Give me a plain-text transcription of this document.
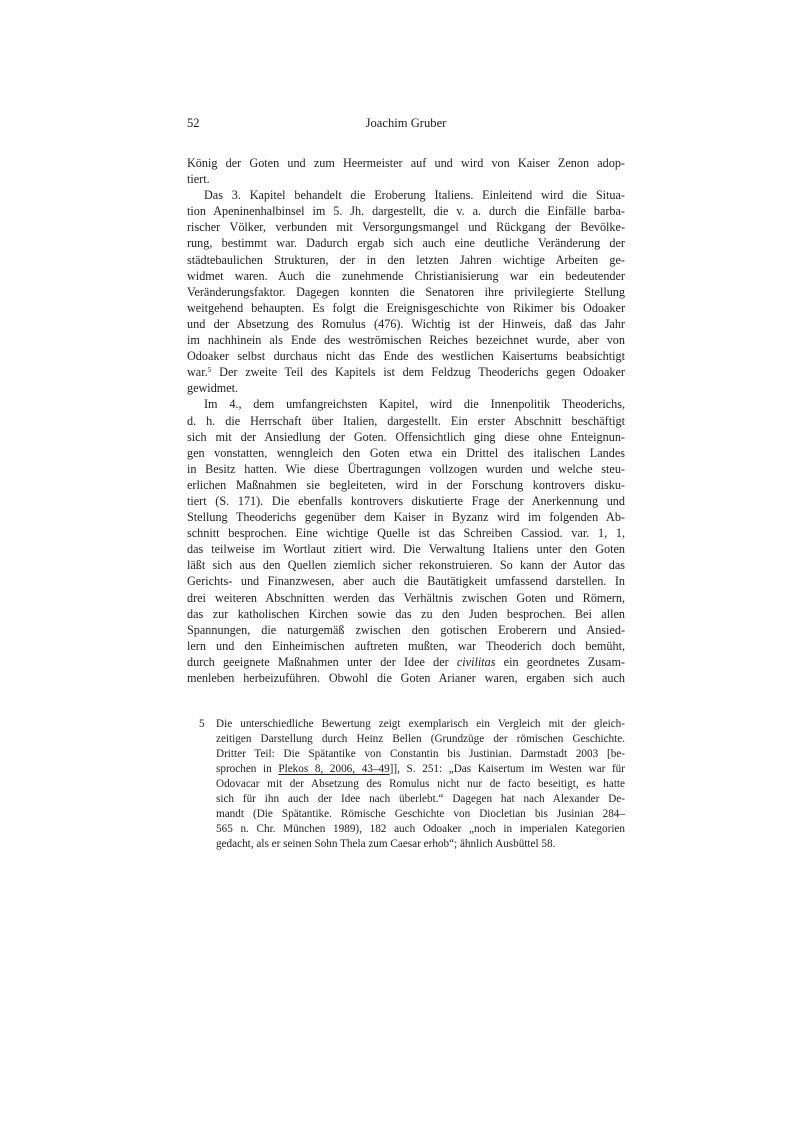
52	Joachim Gruber
König der Goten und zum Heermeister auf und wird von Kaiser Zenon adop-
tiert.
Das 3. Kapitel behandelt die Eroberung Italiens. Einleitend wird die Situa-
tion Apeninenhalbinsel im 5. Jh. dargestellt, die v. a. durch die Einfälle barba-
rischer Völker, verbunden mit Versorgungsmangel und Rückgang der Bevölke-
rung, bestimmt war. Dadurch ergab sich auch eine deutliche Veränderung der
städtebaulichen Strukturen, der in den letzten Jahren wichtige Arbeiten ge-
widmet waren. Auch die zunehmende Christianisierung war ein bedeutender
Veränderungsfaktor. Dagegen konnten die Senatoren ihre privilegierte Stellung
weitgehend behaupten. Es folgt die Ereignisgeschichte von Rikimer bis Odoaker
und der Absetzung des Romulus (476). Wichtig ist der Hinweis, daß das Jahr
im nachhinein als Ende des weströmischen Reiches bezeichnet wurde, aber von
Odoaker selbst durchaus nicht das Ende des westlichen Kaisertums beabsichtigt
war.$^5$ Der zweite Teil des Kapitels ist dem Feldzug Theoderichs gegen Odoaker
gewidmet.
Im 4., dem umfangreichsten Kapitel, wird die Innenpolitik Theoderichs,
d. h. die Herrschaft über Italien, dargestellt. Ein erster Abschnitt beschäftigt
sich mit der Ansiedlung der Goten. Offensichtlich ging diese ohne Enteignun-
gen vonstatten, wenngleich den Goten etwa ein Drittel des italischen Landes
in Besitz hatten. Wie diese Übertragungen vollzogen wurden und welche steu-
erlichen Maßnahmen sie begleiteten, wird in der Forschung kontrovers disku-
tiert (S. 171). Die ebenfalls kontrovers diskutierte Frage der Anerkennung und
Stellung Theoderichs gegenüber dem Kaiser in Byzanz wird im folgenden Ab-
schnitt besprochen. Eine wichtige Quelle ist das Schreiben Cassiod. var. 1, 1,
das teilweise im Wortlaut zitiert wird. Die Verwaltung Italiens unter den Goten
läßt sich aus den Quellen ziemlich sicher rekonstruieren. So kann der Autor das
Gerichts- und Finanzwesen, aber auch die Bautätigkeit umfassend darstellen. In
drei weiteren Abschnitten werden das Verhältnis zwischen Goten und Römern,
das zur katholischen Kirchen sowie das zu den Juden besprochen. Bei allen
Spannungen, die naturgemäß zwischen den gotischen Eroberern und Ansied-
lern und den Einheimischen auftreten mußten, war Theoderich doch bemüht,
durch geeignete Maßnahmen unter der Idee der civilitas ein geordnetes Zusam-
menleben herbeizuführen. Obwohl die Goten Arianer waren, ergaben sich auch
5	Die unterschiedliche Bewertung zeigt exemplarisch ein Vergleich mit der gleich-
zeitigen Darstellung durch Heinz Bellen (Grundzüge der römischen Geschichte.
Dritter Teil: Die Spätantike von Constantin bis Justinian. Darmstadt 2003 [be-
sprochen in Plekos 8, 2006, 43–49]], S. 251: „Das Kaisertum im Westen war für
Odovacar mit der Absetzung des Romulus nicht nur de facto beseitigt, es hatte
sich für ihn auch der Idee nach überlebt.“ Dagegen hat nach Alexander De-
mandt (Die Spätantike. Römische Geschichte von Diocletian bis Jusinian 284–
565 n. Chr. München 1989), 182 auch Odoaker „noch in imperialen Kategorien
gedacht, als er seinen Sohn Thela zum Caesar erhob“; ähnlich Ausbüttel 58.
